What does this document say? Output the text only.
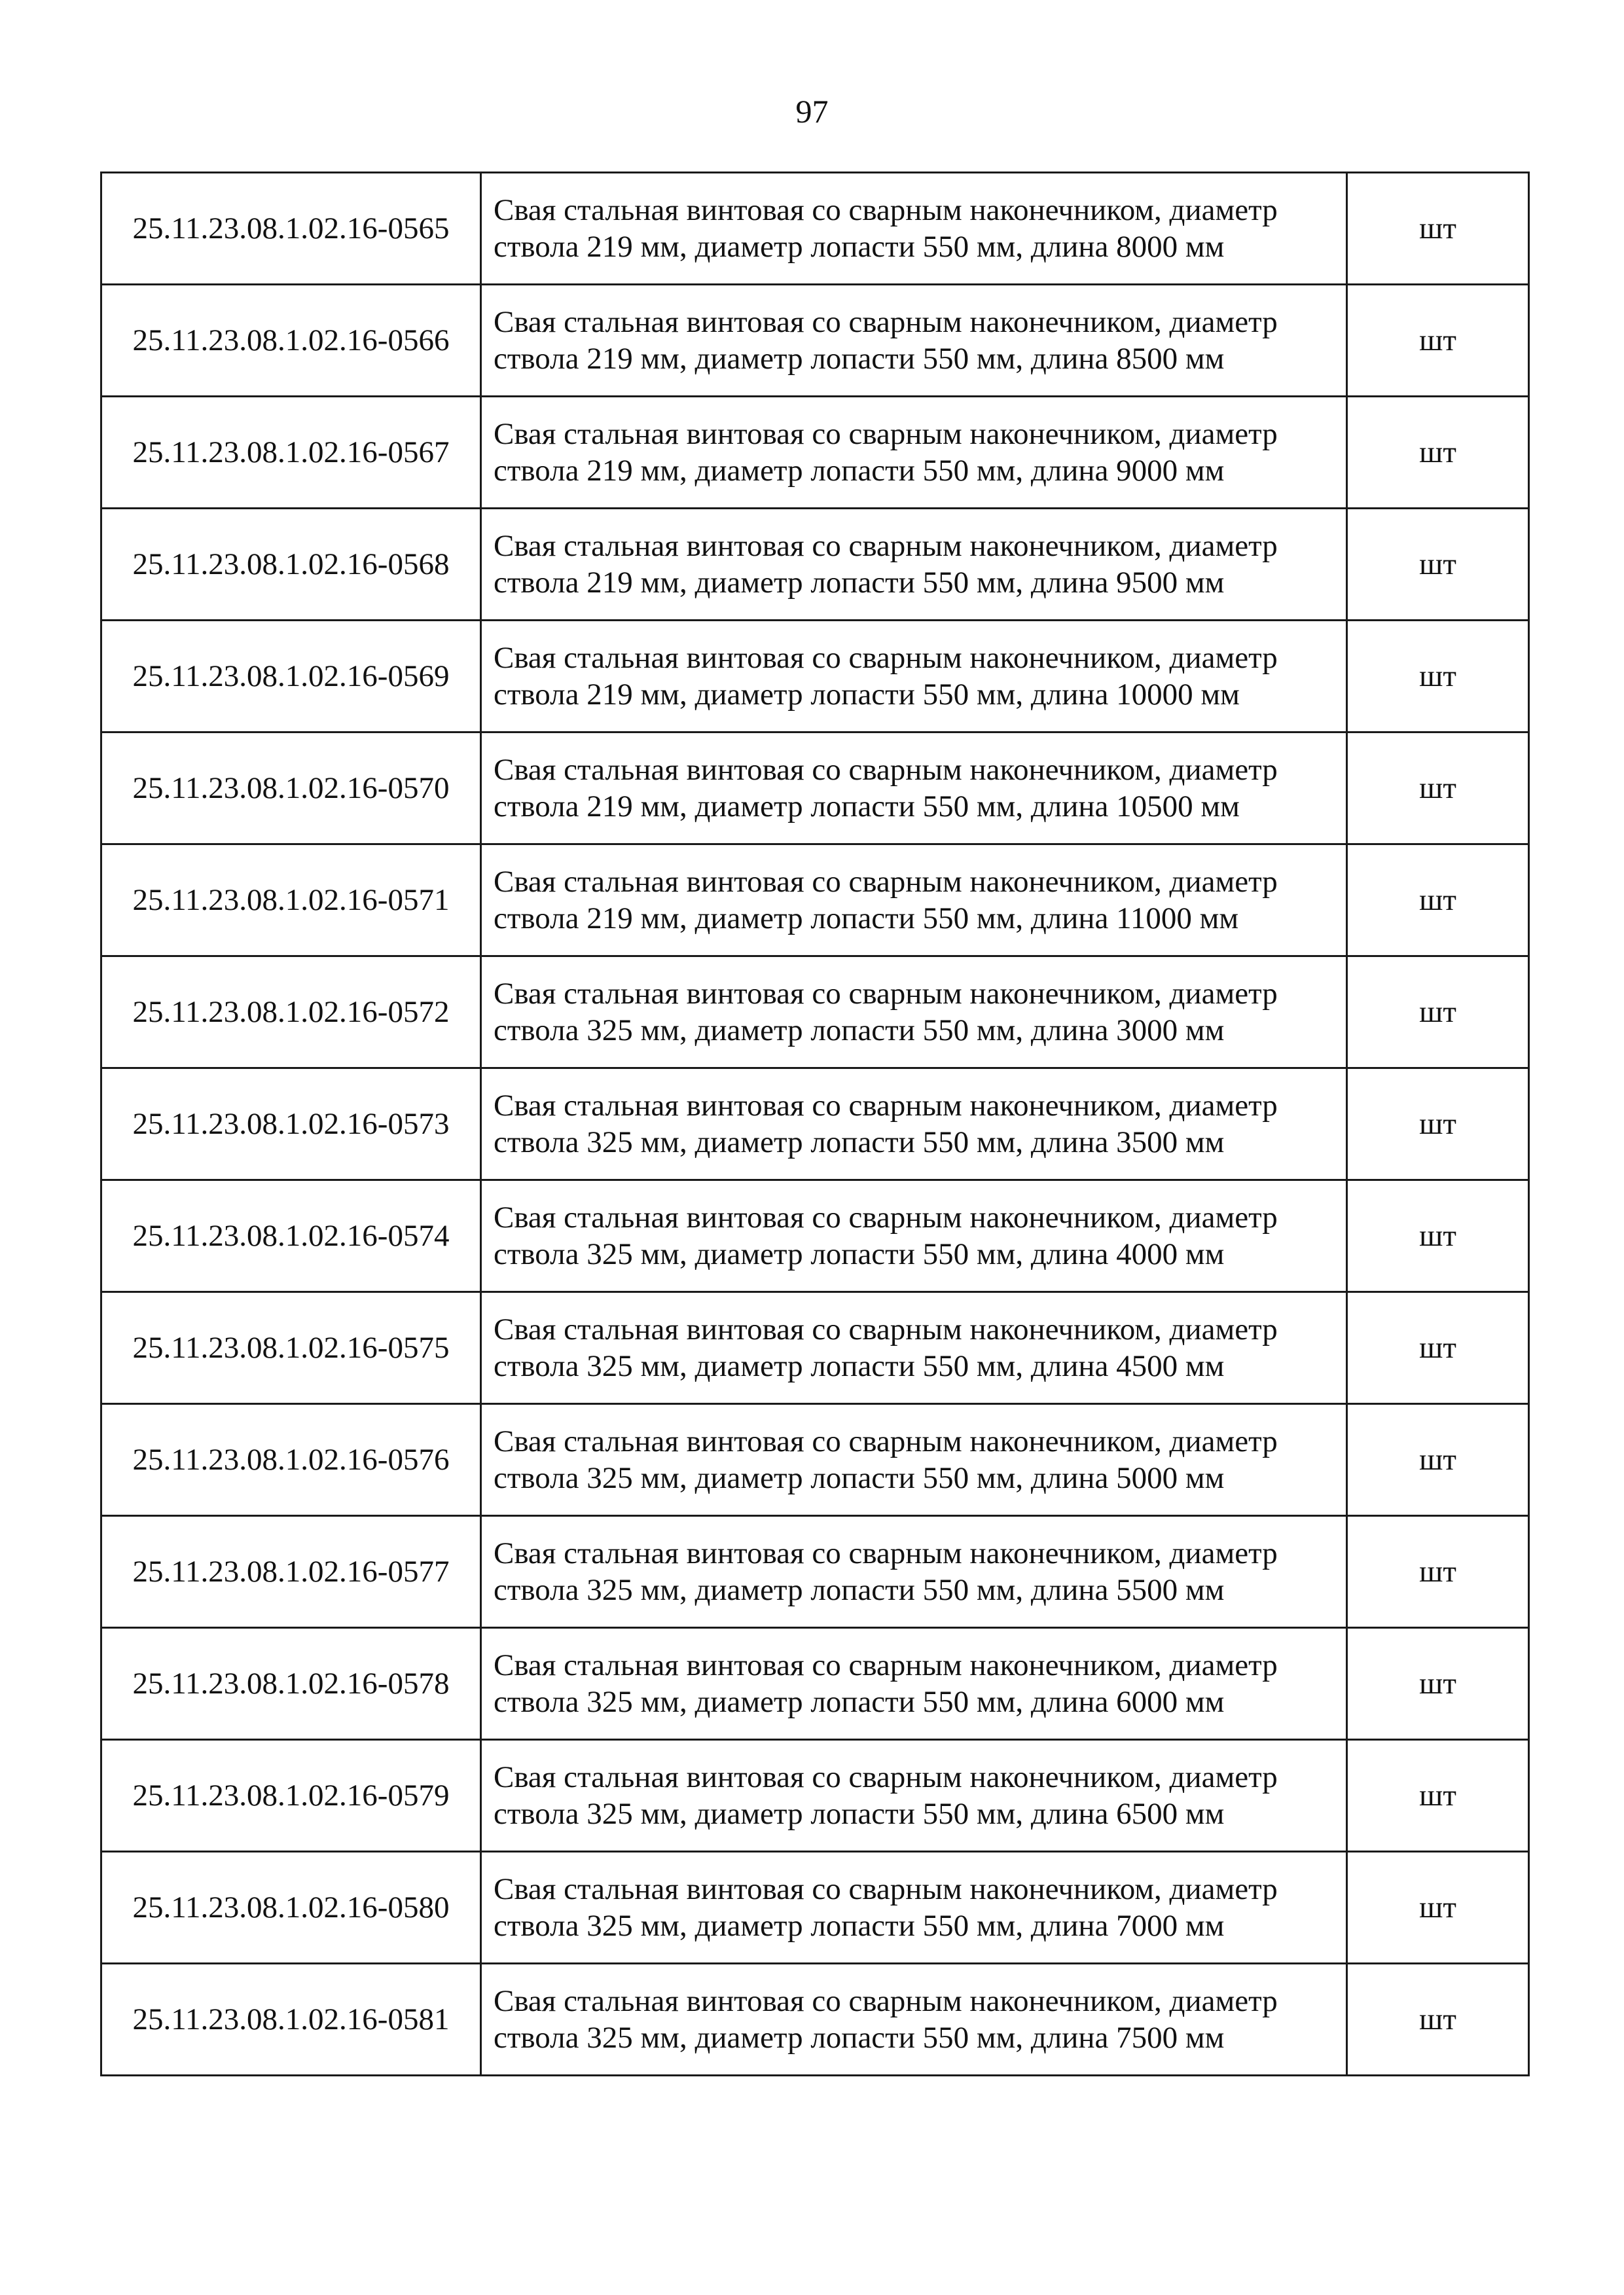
97
25.11.23.08.1.02.16-0565	Свая стальная винтовая со сварным наконечником, диаметр ствола 219 мм, диаметр лопасти 550 мм, длина 8000 мм	шт
25.11.23.08.1.02.16-0566	Свая стальная винтовая со сварным наконечником, диаметр ствола 219 мм, диаметр лопасти 550 мм, длина 8500 мм	шт
25.11.23.08.1.02.16-0567	Свая стальная винтовая со сварным наконечником, диаметр ствола 219 мм, диаметр лопасти 550 мм, длина 9000 мм	шт
25.11.23.08.1.02.16-0568	Свая стальная винтовая со сварным наконечником, диаметр ствола 219 мм, диаметр лопасти 550 мм, длина 9500 мм	шт
25.11.23.08.1.02.16-0569	Свая стальная винтовая со сварным наконечником, диаметр ствола 219 мм, диаметр лопасти 550 мм, длина 10000 мм	шт
25.11.23.08.1.02.16-0570	Свая стальная винтовая со сварным наконечником, диаметр ствола 219 мм, диаметр лопасти 550 мм, длина 10500 мм	шт
25.11.23.08.1.02.16-0571	Свая стальная винтовая со сварным наконечником, диаметр ствола 219 мм, диаметр лопасти 550 мм, длина 11000 мм	шт
25.11.23.08.1.02.16-0572	Свая стальная винтовая со сварным наконечником, диаметр ствола 325 мм, диаметр лопасти 550 мм, длина 3000 мм	шт
25.11.23.08.1.02.16-0573	Свая стальная винтовая со сварным наконечником, диаметр ствола 325 мм, диаметр лопасти 550 мм, длина 3500 мм	шт
25.11.23.08.1.02.16-0574	Свая стальная винтовая со сварным наконечником, диаметр ствола 325 мм, диаметр лопасти 550 мм, длина 4000 мм	шт
25.11.23.08.1.02.16-0575	Свая стальная винтовая со сварным наконечником, диаметр ствола 325 мм, диаметр лопасти 550 мм, длина 4500 мм	шт
25.11.23.08.1.02.16-0576	Свая стальная винтовая со сварным наконечником, диаметр ствола 325 мм, диаметр лопасти 550 мм, длина 5000 мм	шт
25.11.23.08.1.02.16-0577	Свая стальная винтовая со сварным наконечником, диаметр ствола 325 мм, диаметр лопасти 550 мм, длина 5500 мм	шт
25.11.23.08.1.02.16-0578	Свая стальная винтовая со сварным наконечником, диаметр ствола 325 мм, диаметр лопасти 550 мм, длина 6000 мм	шт
25.11.23.08.1.02.16-0579	Свая стальная винтовая со сварным наконечником, диаметр ствола 325 мм, диаметр лопасти 550 мм, длина 6500 мм	шт
25.11.23.08.1.02.16-0580	Свая стальная винтовая со сварным наконечником, диаметр ствола 325 мм, диаметр лопасти 550 мм, длина 7000 мм	шт
25.11.23.08.1.02.16-0581	Свая стальная винтовая со сварным наконечником, диаметр ствола 325 мм, диаметр лопасти 550 мм, длина 7500 мм	шт
